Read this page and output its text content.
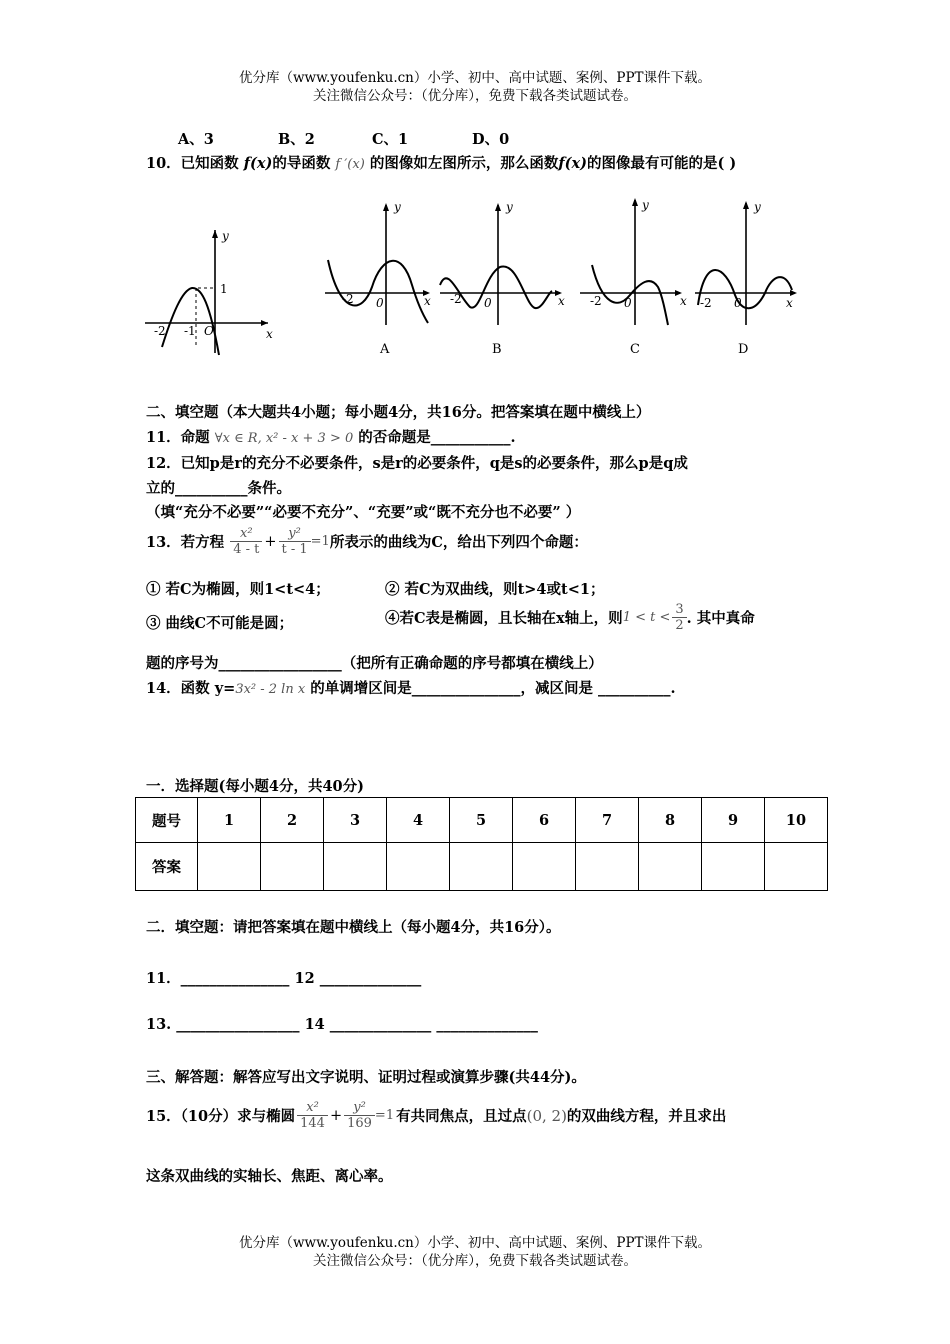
优分库（www.youfenku.cn）小学、初中、高中试题、案例、PPT课件下载。
关注微信公众号：（优分库），免费下载各类试题试卷。
A、3	B、2	C、1	D、0
10．已知函数 f(x)的导函数 f ′(x) 的图像如左图所示，那么函数f(x)的图像最有可能的是( )
y
x
1
O
-2 -1
y
x
0
-2
y
x
0
-2
y
x
0
-2
y
x
0
-2
A	B	C	D
二、填空题（本大题共4小题；每小题4分，共16分。把答案填在题中横线上）
11．命题 ∀x ∈ R, x² - x + 3 > 0 的否命题是___________.
12．已知p是r的充分不必要条件，s是r的必要条件，q是s的必要条件，那么p是q成
立的__________条件。
（填“充分不必要”“必要不充分”、“充要”或“既不充分也不必要” ）
13．若方程 $\frac{\text{x²}}{4 - t} + \frac{\text{y²}}{t - 1} =1$ 所表示的曲线为C，给出下列四个命题：
① 若C为椭圆，则1<t<4；	② 若C为双曲线，则t>4或t<1；
③ 曲线C不可能是圆；	④若C表是椭圆，且长轴在x轴上，则 $1 < t < \frac{3}{2}$ . 其中真命
题的序号为_________________（把所有正确命题的序号都填在横线上）
14．函数 y=3x² - 2 ln x 的单调增区间是_______________，减区间是 __________.
一．选择题(每小题4分，共40分)
题号	1	2	3	4	5	6	7	8	9	10
答案										
二．填空题：请把答案填在题中横线上（每小题4分，共16分）。
11．_______________ 12 ______________
13. _________________ 14 ______________ ______________
三、解答题：解答应写出文字说明、证明过程或演算步骤(共44分)。
15．（10分）求与椭圆 $\frac{\text{x²}}{144} + \frac{\text{y²}}{169} =1$ 有共同焦点，且过点 (0, 2) 的双曲线方程，并且求出
这条双曲线的实轴长、焦距、离心率。
优分库（www.youfenku.cn）小学、初中、高中试题、案例、PPT课件下载。
关注微信公众号：（优分库），免费下载各类试题试卷。
